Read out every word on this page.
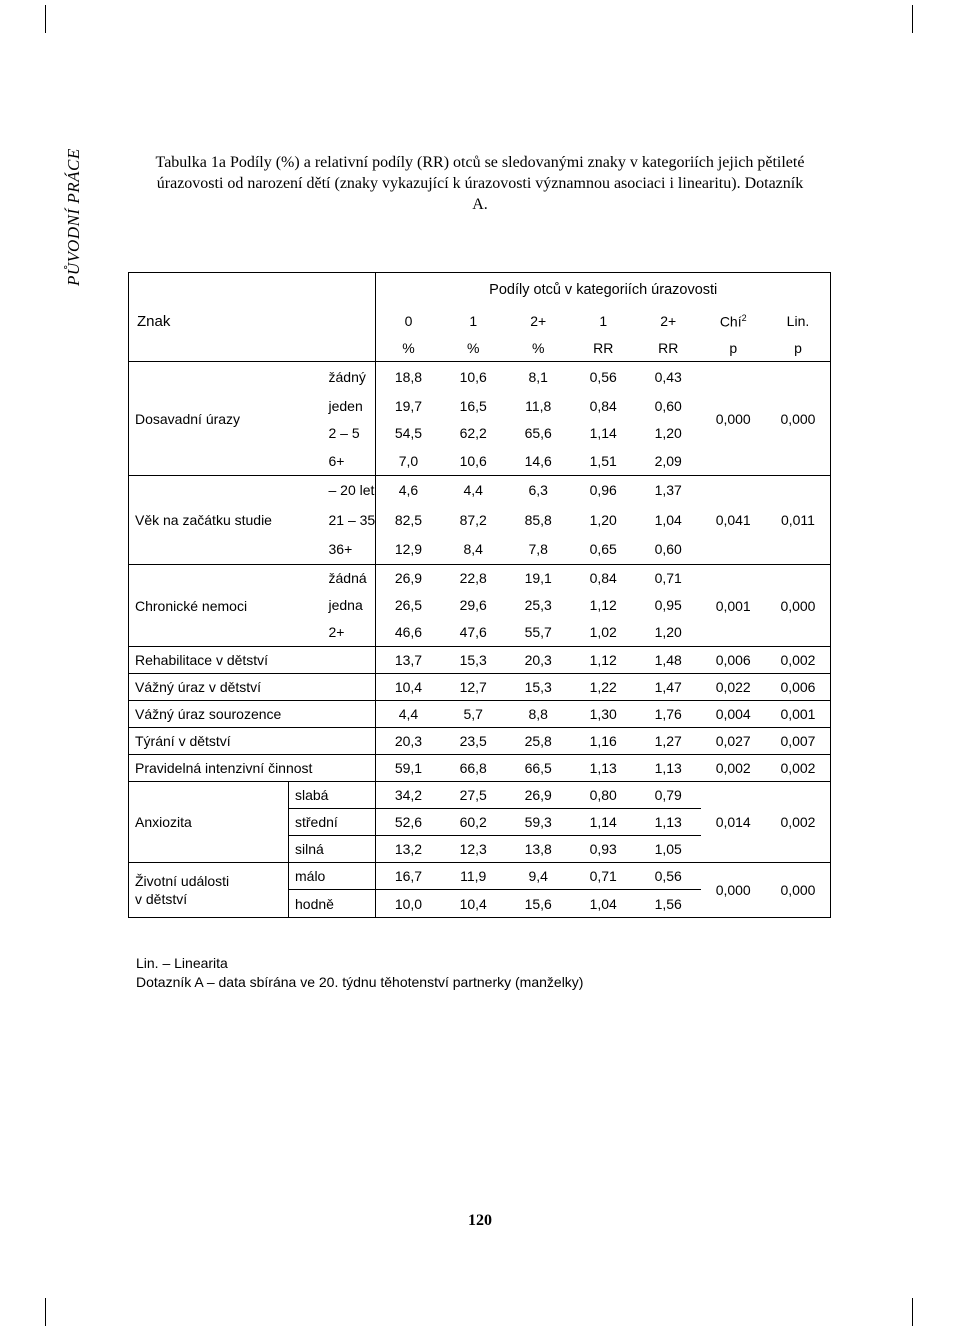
PŮVODNÍ PRÁCE	Tabulka 1a Podíly (%) a relativní podíly (RR) otců se sledovanými znaky v kategoriích jejich pětileté úrazovosti od narození dětí (znaky vykazující k úrazovosti významnou asociaci i linearitu). Dotazník A.
		Podíly otců v kategoriích úrazovosti						
Znak		0	1	2+	1	2+	Chí$^2$	Lin.
		%	%	%	RR	RR	p	p
Dosavadní úrazy	žádný	18,8	10,6	8,1	0,56	0,43	0,000	0,000
	jeden	19,7	16,5	11,8	0,84	0,60		
	2 – 5	54,5	62,2	65,6	1,14	1,20		
	6+	7,0	10,6	14,6	1,51	2,09		
Věk na začátku studie	– 20 let	4,6	4,4	6,3	0,96	1,37	0,041	0,011
	21 – 35	82,5	87,2	85,8	1,20	1,04		
	36+	12,9	8,4	7,8	0,65	0,60		
Chronické nemoci	žádná	26,9	22,8	19,1	0,84	0,71	0,001	0,000
	jedna	26,5	29,6	25,3	1,12	0,95		
	2+	46,6	47,6	55,7	1,02	1,20		
Rehabilitace v dětství		13,7	15,3	20,3	1,12	1,48	0,006	0,002
Vážný úraz v dětství		10,4	12,7	15,3	1,22	1,47	0,022	0,006
Vážný úraz sourozence		4,4	5,7	8,8	1,30	1,76	0,004	0,001
Týrání v dětství		20,3	23,5	25,8	1,16	1,27	0,027	0,007
Pravidelná intenzivní činnost		59,1	66,8	66,5	1,13	1,13	0,002	0,002
Anxiozita	slabá	34,2	27,5	26,9	0,80	0,79	0,014	0,002
	střední	52,6	60,2	59,3	1,14	1,13		
	silná	13,2	12,3	13,8	0,93	1,05		
Životní události
v dětství	málo	16,7	11,9	9,4	0,71	0,56	0,000	0,000
	hodně	10,0	10,4	15,6	1,04	1,56		
Lin. – Linearita
Dotazník A – data sbírána ve 20. týdnu těhotenství partnerky (manželky)
120
